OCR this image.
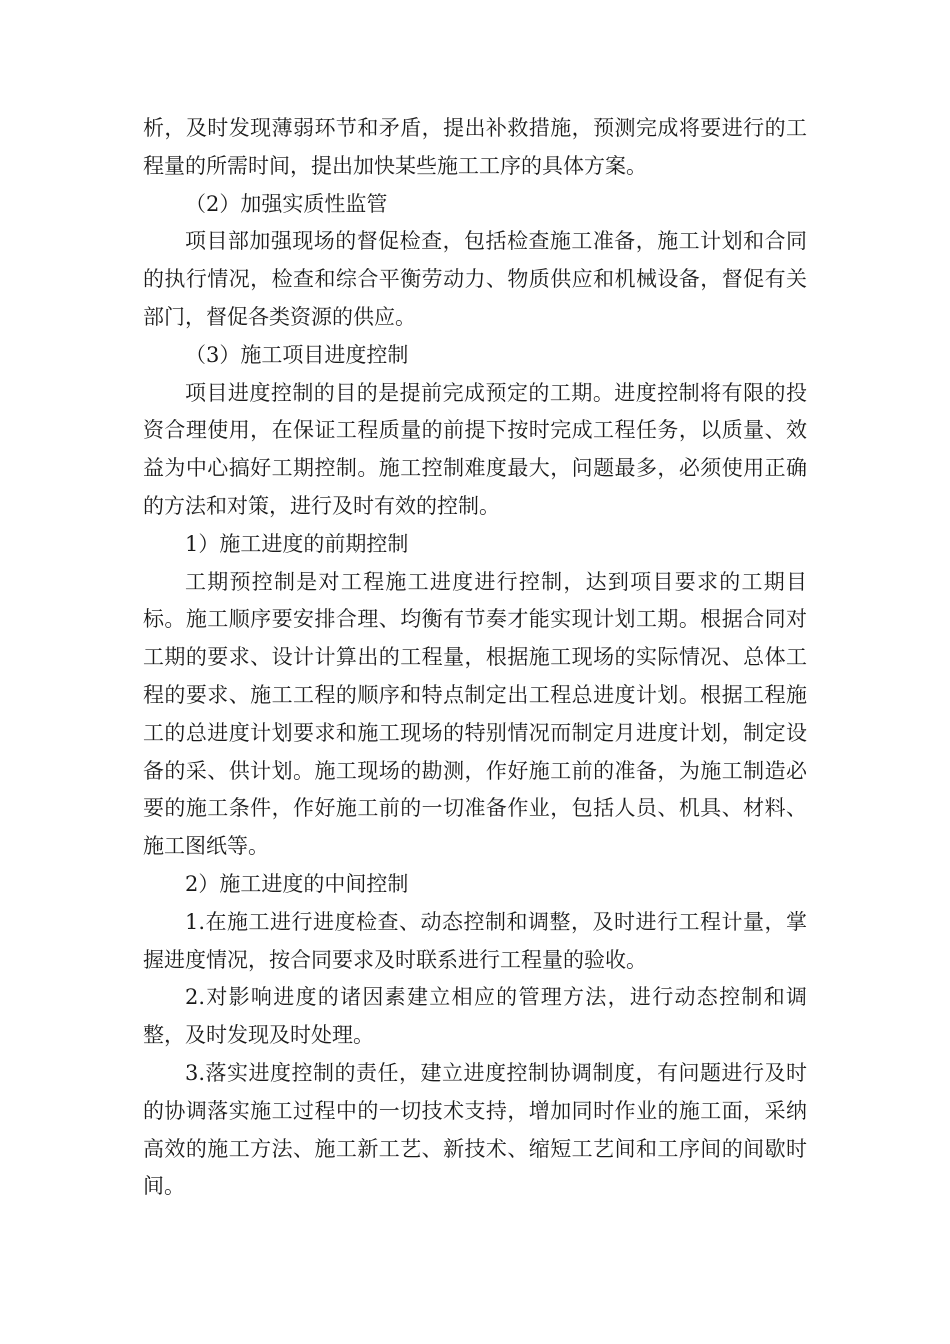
析，及时发现薄弱环节和矛盾，提出补救措施，预测完成将要进行的工程量的所需时间，提出加快某些施工工序的具体方案。

（2）加强实质性监管

项目部加强现场的督促检查，包括检查施工准备，施工计划和合同的执行情况，检查和综合平衡劳动力、物质供应和机械设备，督促有关部门，督促各类资源的供应。

（3）施工项目进度控制

项目进度控制的目的是提前完成预定的工期。进度控制将有限的投资合理使用，在保证工程质量的前提下按时完成工程任务，以质量、效益为中心搞好工期控制。施工控制难度最大，问题最多，必须使用正确的方法和对策，进行及时有效的控制。

1）施工进度的前期控制

工期预控制是对工程施工进度进行控制，达到项目要求的工期目标。施工顺序要安排合理、均衡有节奏才能实现计划工期。根据合同对工期的要求、设计计算出的工程量，根据施工现场的实际情况、总体工程的要求、施工工程的顺序和特点制定出工程总进度计划。根据工程施工的总进度计划要求和施工现场的特别情况而制定月进度计划，制定设备的采、供计划。施工现场的勘测，作好施工前的准备，为施工制造必要的施工条件，作好施工前的一切准备作业，包括人员、机具、材料、施工图纸等。

2）施工进度的中间控制

1.在施工进行进度检查、动态控制和调整，及时进行工程计量，掌握进度情况，按合同要求及时联系进行工程量的验收。

2.对影响进度的诸因素建立相应的管理方法，进行动态控制和调整，及时发现及时处理。

3.落实进度控制的责任，建立进度控制协调制度，有问题进行及时的协调落实施工过程中的一切技术支持，增加同时作业的施工面，采纳高效的施工方法、施工新工艺、新技术、缩短工艺间和工序间的间歇时间。
